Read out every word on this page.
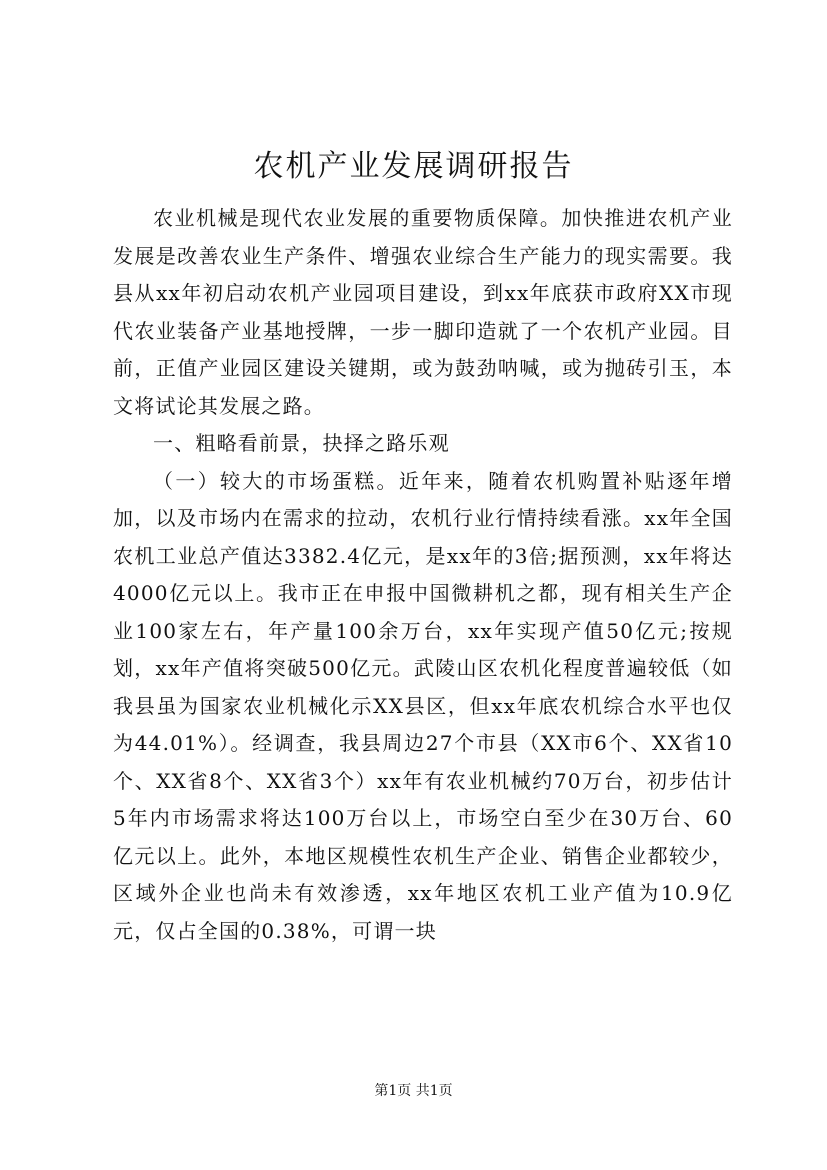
农机产业发展调研报告

农业机械是现代农业发展的重要物质保障。加快推进农机产业发展是改善农业生产条件、增强农业综合生产能力的现实需要。我县从xx年初启动农机产业园项目建设，到xx年底获市政府XX市现代农业装备产业基地授牌，一步一脚印造就了一个农机产业园。目前，正值产业园区建设关键期，或为鼓劲呐喊，或为抛砖引玉，本文将试论其发展之路。

一、粗略看前景，抉择之路乐观

（一）较大的市场蛋糕。近年来，随着农机购置补贴逐年增加，以及市场内在需求的拉动，农机行业行情持续看涨。xx年全国农机工业总产值达3382.4亿元，是xx年的3倍;据预测，xx年将达4000亿元以上。我市正在申报中国微耕机之都，现有相关生产企业100家左右，年产量100余万台，xx年实现产值50亿元;按规划，xx年产值将突破500亿元。武陵山区农机化程度普遍较低（如我县虽为国家农业机械化示XX县区，但xx年底农机综合水平也仅为44.01%）。经调查，我县周边27个市县（XX市6个、XX省10个、XX省8个、XX省3个）xx年有农业机械约70万台，初步估计5年内市场需求将达100万台以上，市场空白至少在30万台、60亿元以上。此外，本地区规模性农机生产企业、销售企业都较少，区域外企业也尚未有效渗透，xx年地区农机工业产值为10.9亿元，仅占全国的0.38%，可谓一块

第1页 共1页
